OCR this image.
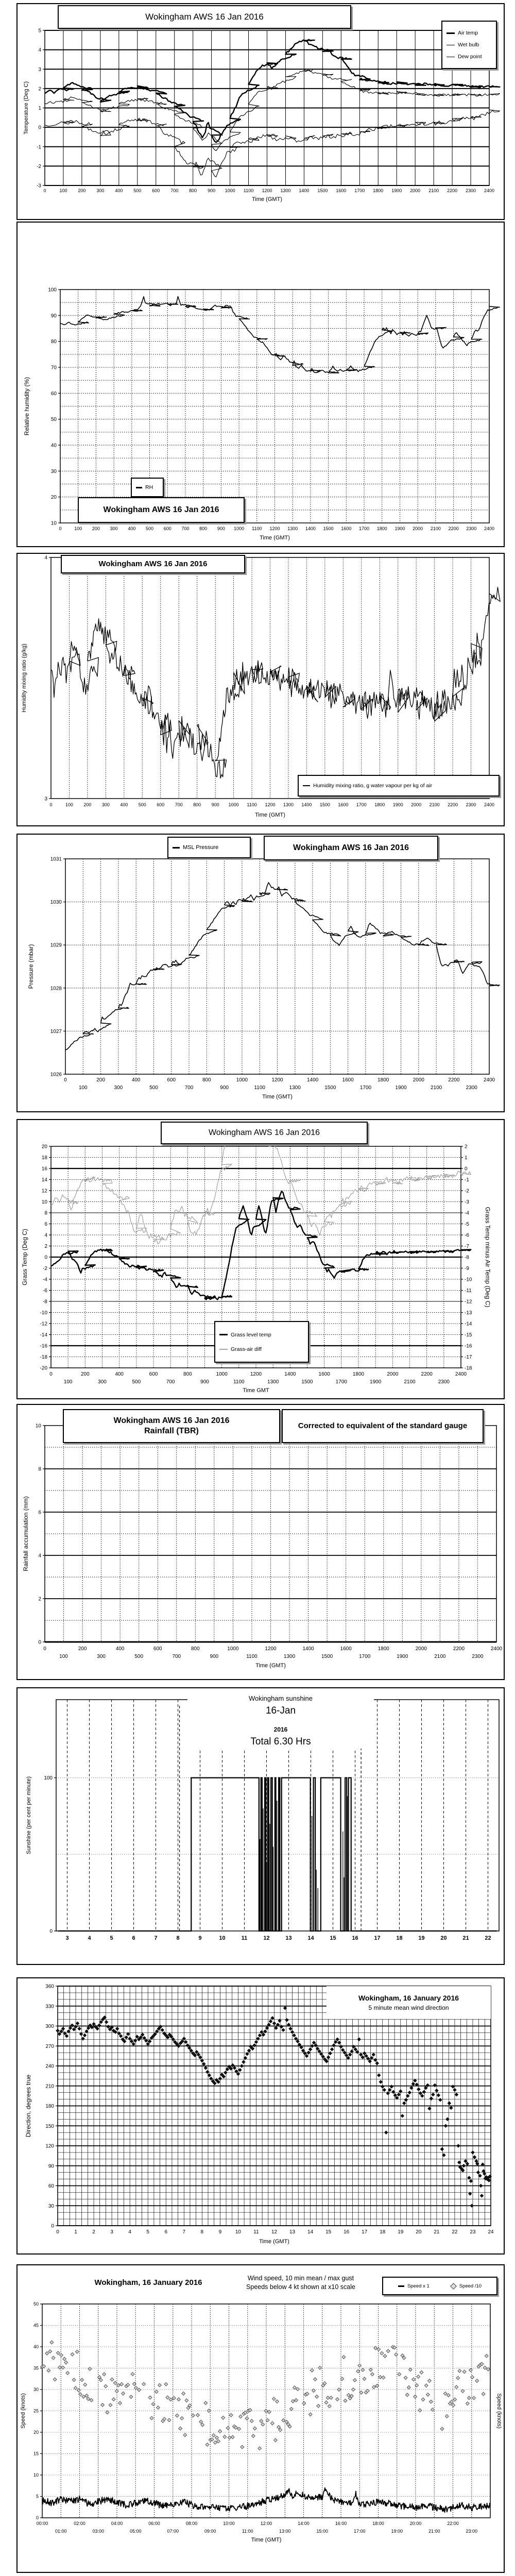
0	100 200 300 400 500 600 700 800 900 1000 1100 1200 1300 1400 1500 1600 1700 1800 1900 2000 2100 2200 2300 2400
Time (GMT)
-3
-2
-1
0
1
2
3
4
5
Temperature (Deg C)
Wokingham AWS 16 Jan 2016
Air temp
Wet bulb
Dew point
0	100 200 300 400 500 600 700 800 900 1000 1100 1200 1300 1400 1500 1600 1700 1800 1900 2000 2100 2200 2300 2400
Time (GMT)
10
20
30
40
50
60
70
80
90
100
Relative humidity (%)
RH
Wokingham AWS 16 Jan 2016
0	100 200 300 400 500 600 700 800 900 1000 1100 1200 1300 1400 1500 1600 1700 1800 1900 2000 2100 2200 2300 2400
Time (GMT)
4
3
Humidity mixing ratio (g/kg)
Wokingham AWS 16 Jan 2016
Humidity mixing ratio, g water vapour per kg of air
0
100
200
300
400
500
600
700
800
900
1000
1100
1200
1300
1400
1500
1600
1700
1800
1900
2000
2100
2200
2300
2400
Time (GMT)
1026
1027
1028
1029
1030
1031
Pressure (mbar)
MSL Pressure	Wokingham AWS 16 Jan 2016
0
100
200
300
400
500
600
700
800
900
1000
1100
1200
1300
1400
1500
1600
1700
1800
1900
2000
2100
2200
2300
2400
Time GMT
-20
-18
-16
-14
-12
-10
-8
-6
-4
-2
0
2
4
6
8
10
12
14
16
18
20
Grass Temp (Deg C)
-18
-17
-16
-15
-14
-13
-12
-11
-10
-9
-8
-7
-6
-5
-4
-3
-2
-1
0
1
2
Grass Temp minus Air Temp (Deg C)
Wokingham AWS 16 Jan 2016
Grass level temp
Grass-air diff
0
100
200
300
400
500
600
700
800
900
1000
1100
1200
1300
1400
1500
1600
1700
1800
1900
2000
2100
2200
2300
2400
Time (GMT)
0
2
4
6
8
10
Rainfall accumulation (mm)
Wokingham AWS 16 Jan 2016
Rainfall (TBR)
Corrected to equivalent of the standard gauge
3	4	5	6	7	8	9	10	11	12	13	14	15	16	17	18	19	20	21	22
100
0
Sunshine (per cent per minute)
Wokingham sunshine
16-Jan
2016
Total 6.30 Hrs
0	1	2	3	4	5	6	7	8	9	10 11 12 13 14 15 16 17 18 19 20 21 22 23 24
Time (GMT)
0
30
60
90
120
150
180
210
240
270
300
330
360
Direction, degrees true
Wokingham, 16 January 2016
5 minute mean wind direction
00:00
01:00
02:00
03:00
04:00
05:00
06:00
07:00
08:00
09:00
10:00
11:00
12:00
13:00
14:00
15:00
16:00
17:00
18:00
19:00
20:00
21:00
22:00
23:00
Time (GMT)
0
5
10
15
20
25
30
35
40
45
50
Speed (knots)	Speed (knots)
Wokingham, 16 January 2016	Wind speed, 10 min mean / max gust
Speeds below 4 kt shown at x10 scale	Speed x 1	Speed /10
